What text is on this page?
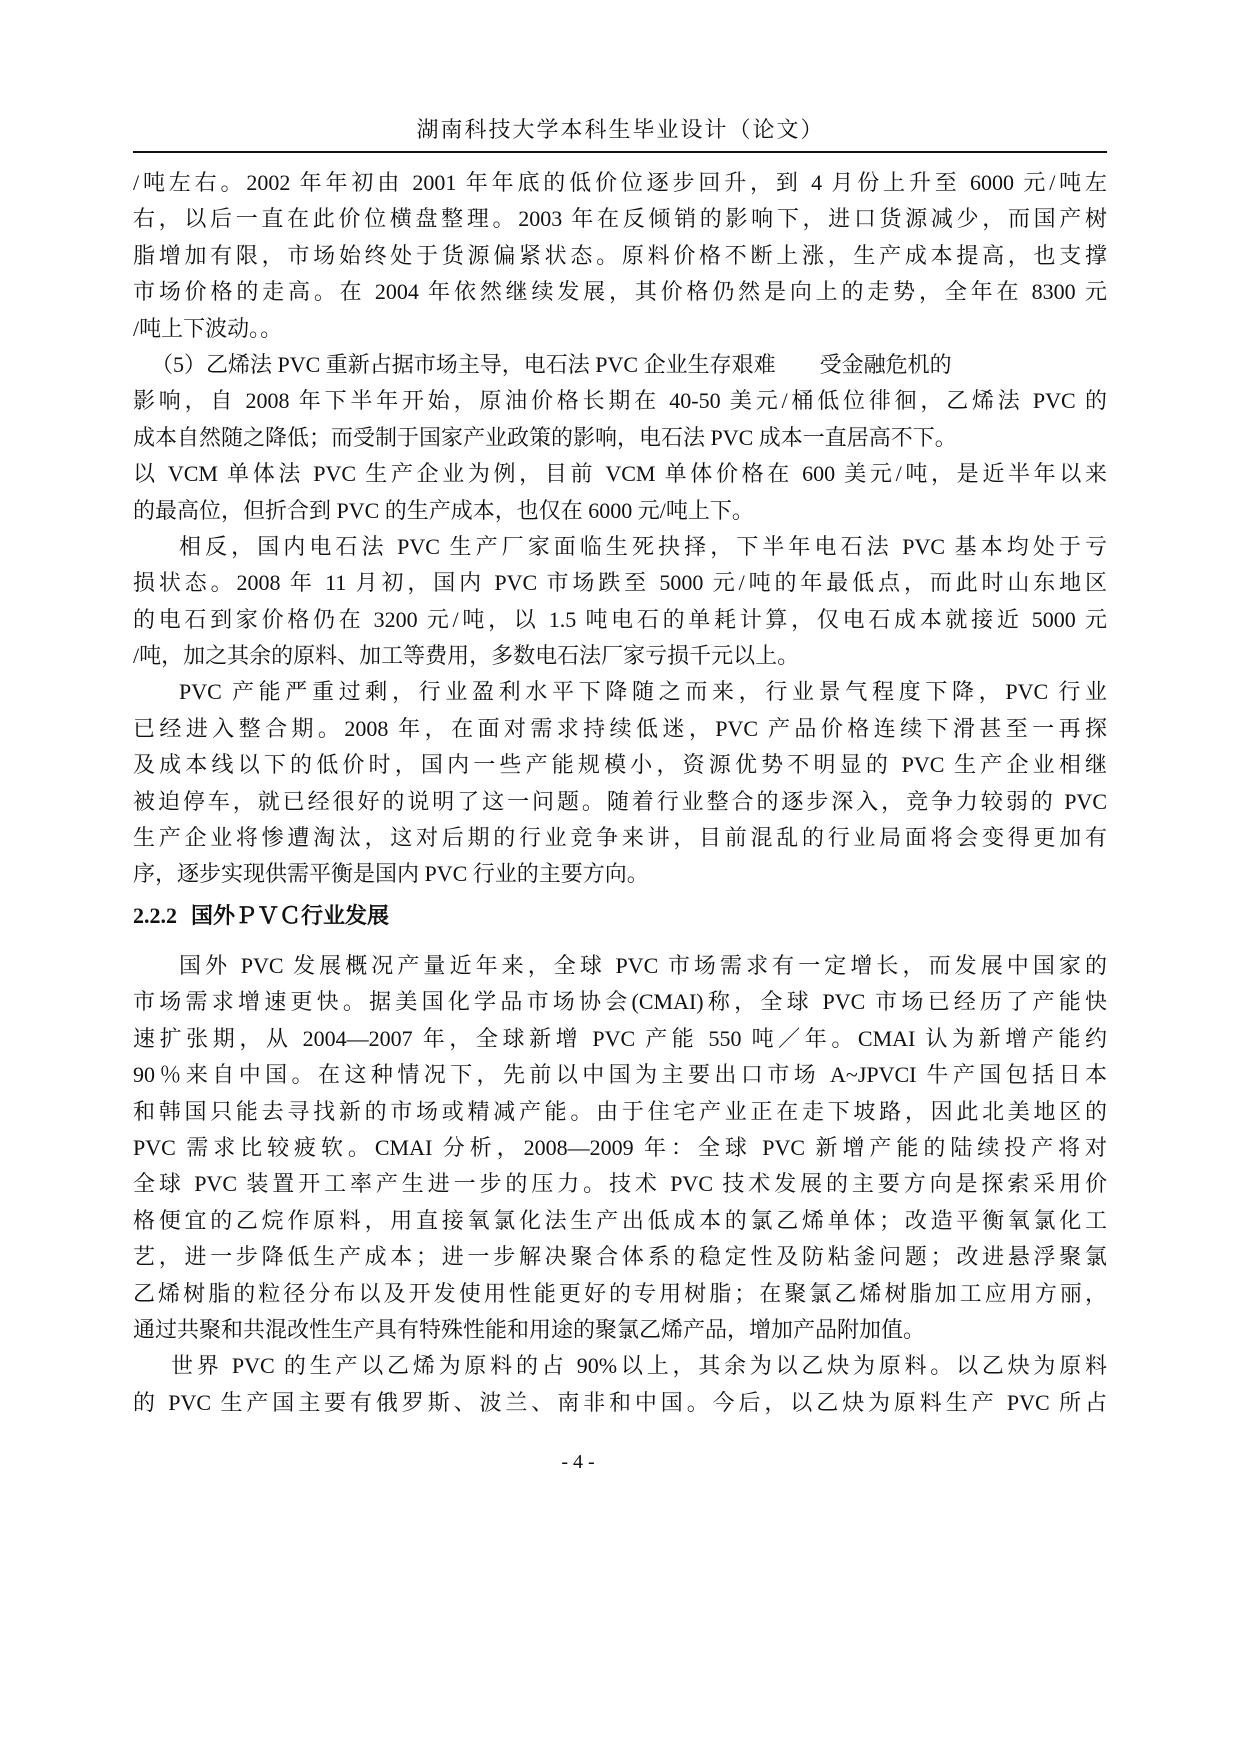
湖南科技大学本科生毕业设计（论文）
/吨左右。2002 年年初由 2001 年年底的低价位逐步回升，到 4 月份上升至 6000 元/吨左
右，以后一直在此价位横盘整理。2003 年在反倾销的影响下，进口货源减少，而国产树
脂增加有限，市场始终处于货源偏紧状态。原料价格不断上涨，生产成本提高，也支撑
市场价格的走高。在 2004 年依然继续发展，其价格仍然是向上的走势，全年在 8300 元
/吨上下波动。。
（5）乙烯法 PVC 重新占据市场主导，电石法 PVC 企业生存艰难　　受金融危机的
影响，自 2008 年下半年开始，原油价格长期在 40-50 美元/桶低位徘徊，乙烯法 PVC 的
成本自然随之降低；而受制于国家产业政策的影响，电石法 PVC 成本一直居高不下。
以 VCM 单体法 PVC 生产企业为例，目前 VCM 单体价格在 600 美元/吨，是近半年以来
的最高位，但折合到 PVC 的生产成本，也仅在 6000 元/吨上下。
相反，国内电石法 PVC 生产厂家面临生死抉择，下半年电石法 PVC 基本均处于亏
损状态。2008 年 11 月初，国内 PVC 市场跌至 5000 元/吨的年最低点，而此时山东地区
的电石到家价格仍在 3200 元/吨，以 1.5 吨电石的单耗计算，仅电石成本就接近 5000 元
/吨，加之其余的原料、加工等费用，多数电石法厂家亏损千元以上。
PVC 产能严重过剩，行业盈利水平下降随之而来，行业景气程度下降，PVC 行业
已经进入整合期。2008 年，在面对需求持续低迷，PVC 产品价格连续下滑甚至一再探
及成本线以下的低价时，国内一些产能规模小，资源优势不明显的 PVC 生产企业相继
被迫停车，就已经很好的说明了这一问题。随着行业整合的逐步深入，竞争力较弱的 PVC
生产企业将惨遭淘汰，这对后期的行业竞争来讲，目前混乱的行业局面将会变得更加有
序，逐步实现供需平衡是国内 PVC 行业的主要方向。
2.2.2 国外ＰＶＣ行业发展
国外 PVC 发展概况产量近年来，全球 PVC 市场需求有一定增长，而发展中国家的
市场需求增速更快。据美国化学品市场协会(CMAI)称，全球 PVC 市场已经历了产能快
速扩张期，从 2004—2007 年，全球新增 PVC 产能 550 吨／年。CMAI 认为新增产能约
90％来自中国。在这种情况下，先前以中国为主要出口市场 A~JPVCI 牛产国包括日本
和韩国只能去寻找新的市场或精减产能。由于住宅产业正在走下坡路，因此北美地区的
PVC 需求比较疲软。CMAI 分析，2008—2009 年：全球 PVC 新增产能的陆续投产将对
全球 PVC 装置开工率产生进一步的压力。技术 PVC 技术发展的主要方向是探索采用价
格便宜的乙烷作原料，用直接氧氯化法生产出低成本的氯乙烯单体；改造平衡氧氯化工
艺，进一步降低生产成本；进一步解决聚合体系的稳定性及防粘釜问题；改进悬浮聚氯
乙烯树脂的粒径分布以及开发使用性能更好的专用树脂；在聚氯乙烯树脂加工应用方丽，
通过共聚和共混改性生产具有特殊性能和用途的聚氯乙烯产品，增加产品附加值。
世界 PVC 的生产以乙烯为原料的占 90%以上，其余为以乙炔为原料。以乙炔为原料
的 PVC 生产国主要有俄罗斯、波兰、南非和中国。今后，以乙炔为原料生产 PVC 所占
- 4 -
